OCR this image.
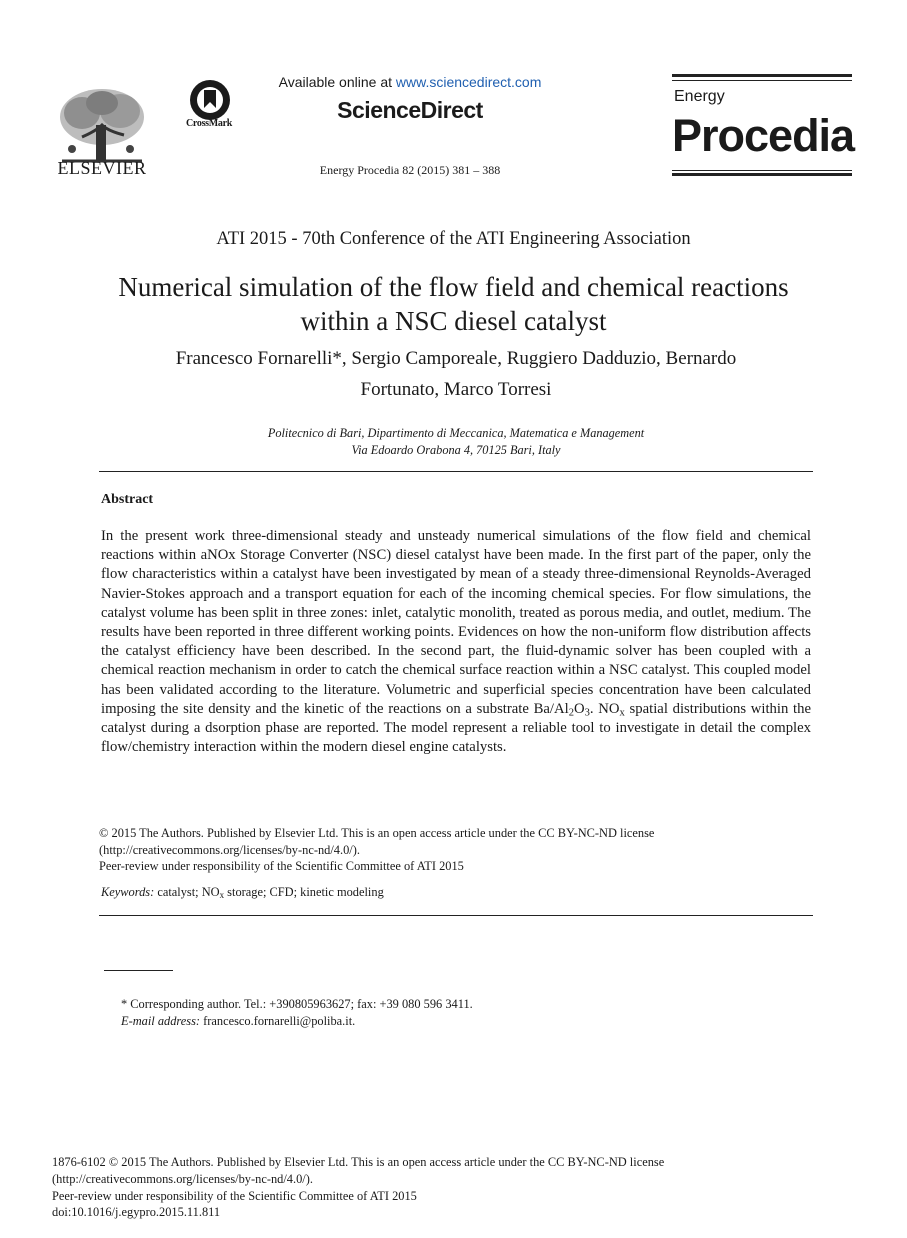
ELSEVIER
CrossMark
Available online at www.sciencedirect.com
ScienceDirect
Energy Procedia 82 (2015) 381 – 388
Energy
Procedia
ATI 2015 - 70th Conference of the ATI Engineering Association
Numerical simulation of the flow field and chemical reactions
within a NSC diesel catalyst
Francesco Fornarelli*, Sergio Camporeale, Ruggiero Dadduzio, Bernardo
Fortunato, Marco Torresi
Politecnico di Bari, Dipartimento di Meccanica, Matematica e Management
Via Edoardo Orabona 4, 70125 Bari, Italy
Abstract
In the present work three-dimensional steady and unsteady numerical simulations of the flow field and chemical reactions within aNOx Storage Converter (NSC) diesel catalyst have been made. In the first part of the paper, only the flow characteristics within a catalyst have been investigated by mean of a steady three-dimensional Reynolds-Averaged Navier-Stokes approach and a transport equation for each of the incoming chemical species. For flow simulations, the catalyst volume has been split in three zones: inlet, catalytic monolith, treated as porous media, and outlet, medium. The results have been reported in three different working points. Evidences on how the non-uniform flow distribution affects the catalyst efficiency have been described. In the second part, the fluid-dynamic solver has been coupled with a chemical reaction mechanism in order to catch the chemical surface reaction within a NSC catalyst. This coupled model has been validated according to the literature. Volumetric and superficial species concentration have been calculated imposing the site density and the kinetic of the reactions on a substrate $Ba/Al_2O_3$. $NO_x$ spatial distributions within the catalyst during a dsorption phase are reported. The model represent a reliable tool to investigate in detail the complex flow/chemistry interaction within the modern diesel engine catalysts.
© 2015 The Authors. Published by Elsevier Ltd. This is an open access article under the CC BY-NC-ND license
(http://creativecommons.org/licenses/by-nc-nd/4.0/).
Peer-review under responsibility of the Scientific Committee of ATI 2015
Keywords: catalyst; $NO_x$ storage; CFD; kinetic modeling
* Corresponding author. Tel.: +390805963627; fax: +39 080 596 3411.
E-mail address: francesco.fornarelli@poliba.it.
1876-6102 © 2015 The Authors. Published by Elsevier Ltd. This is an open access article under the CC BY-NC-ND license
(http://creativecommons.org/licenses/by-nc-nd/4.0/).
Peer-review under responsibility of the Scientific Committee of ATI 2015
doi:10.1016/j.egypro.2015.11.811
